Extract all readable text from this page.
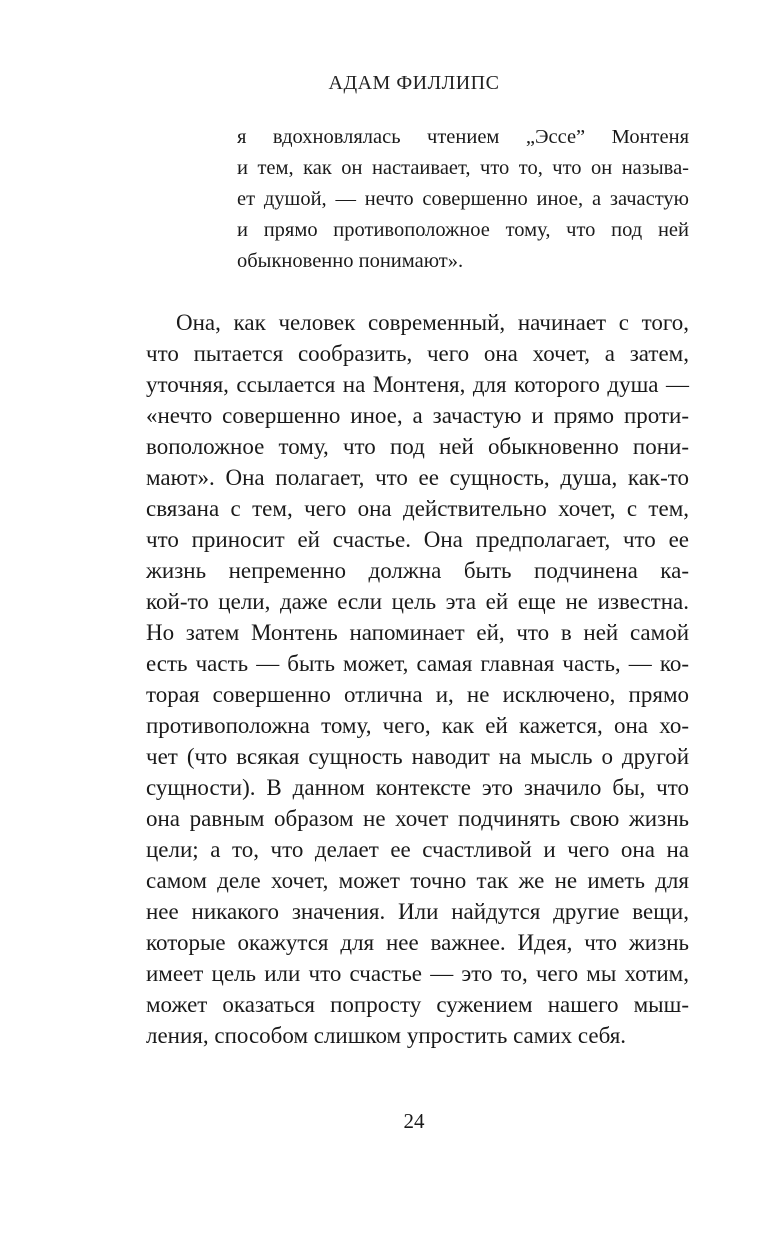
АДАМ ФИЛЛИПС
я вдохновлялась чтением „Эссе” Монтеня
и тем, как он настаивает, что то, что он называ-
ет душой, — нечто совершенно иное, а зачастую
и прямо противоположное тому, что под ней
обыкновенно понимают».
Она, как человек современный, начинает с того,
что пытается сообразить, чего она хочет, а затем,
уточняя, ссылается на Монтеня, для которого душа —
«нечто совершенно иное, а зачастую и прямо проти-
воположное тому, что под ней обыкновенно пони-
мают». Она полагает, что ее сущность, душа, как-то
связана с тем, чего она действительно хочет, с тем,
что приносит ей счастье. Она предполагает, что ее
жизнь непременно должна быть подчинена ка-
кой-то цели, даже если цель эта ей еще не известна.
Но затем Монтень напоминает ей, что в ней самой
есть часть — быть может, самая главная часть, — ко-
торая совершенно отлична и, не исключено, прямо
противоположна тому, чего, как ей кажется, она хо-
чет (что всякая сущность наводит на мысль о другой
сущности). В данном контексте это значило бы, что
она равным образом не хочет подчинять свою жизнь
цели; а то, что делает ее счастливой и чего она на
самом деле хочет, может точно так же не иметь для
нее никакого значения. Или найдутся другие вещи,
которые окажутся для нее важнее. Идея, что жизнь
имеет цель или что счастье — это то, чего мы хотим,
может оказаться попросту сужением нашего мыш-
ления, способом слишком упростить самих себя.
24
